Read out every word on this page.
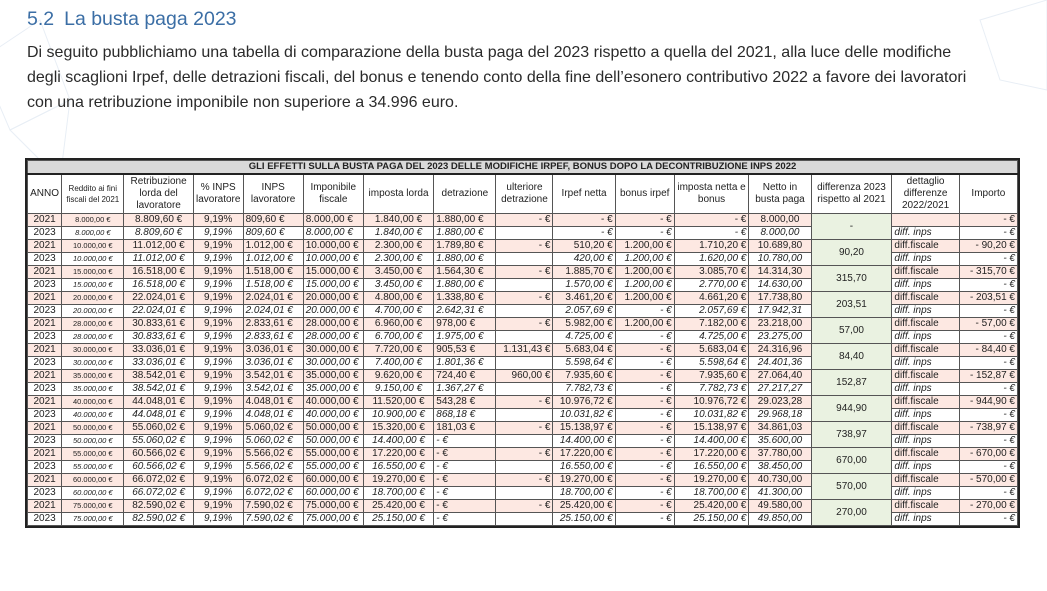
5.2 La busta paga 2023
Di seguito pubblichiamo una tabella di comparazione della busta paga del 2023 rispetto a quella del 2021, alla luce delle modifiche
degli scaglioni Irpef, delle detrazioni fiscali, del bonus e tenendo conto della fine dell’esonero contributivo 2022 a favore dei lavoratori
con una retribuzione imponibile non superiore a 34.996 euro.
GLI EFFETTI SULLA BUSTA PAGA DEL 2023 DELLE MODIFICHE IRPEF, BONUS DOPO LA DECONTRIBUZIONE INPS 2022															
ANNO	Reddito ai fini fiscali del 2021	Retribuzione lorda del lavoratore	% INPS lavoratore	INPS lavoratore	Imponibile fiscale	imposta lorda	detrazione	ulteriore detrazione	Irpef netta	bonus irpef	imposta netta e bonus	Netto in busta paga	differenza 2023 rispetto al 2021	dettaglio differenze 2022/2021	Importo
2021	8.000,00 €	8.809,60 €	9,19%	809,60 €	8.000,00 €	1.840,00 €	1.880,00 €	- €	- €	- €	- €	8.000,00	-		- €
2023	8.000,00 €	8.809,60 €	9,19%	809,60 €	8.000,00 €	1.840,00 €	1.880,00 €		- €	- €	- €	8.000,00		diff. inps	- €
2021	10.000,00 €	11.012,00 €	9,19%	1.012,00 €	10.000,00 €	2.300,00 €	1.789,80 €	- €	510,20 €	1.200,00 €	1.710,20 €	10.689,80	90,20	diff.fiscale	- 90,20 €
2023	10.000,00 €	11.012,00 €	9,19%	1.012,00 €	10.000,00 €	2.300,00 €	1.880,00 €		420,00 €	1.200,00 €	1.620,00 €	10.780,00		diff. inps	- €
2021	15.000,00 €	16.518,00 €	9,19%	1.518,00 €	15.000,00 €	3.450,00 €	1.564,30 €	- €	1.885,70 €	1.200,00 €	3.085,70 €	14.314,30	315,70	diff.fiscale	- 315,70 €
2023	15.000,00 €	16.518,00 €	9,19%	1.518,00 €	15.000,00 €	3.450,00 €	1.880,00 €		1.570,00 €	1.200,00 €	2.770,00 €	14.630,00		diff. inps	- €
2021	20.000,00 €	22.024,01 €	9,19%	2.024,01 €	20.000,00 €	4.800,00 €	1.338,80 €	- €	3.461,20 €	1.200,00 €	4.661,20 €	17.738,80	203,51	diff.fiscale	- 203,51 €
2023	20.000,00 €	22.024,01 €	9,19%	2.024,01 €	20.000,00 €	4.700,00 €	2.642,31 €		2.057,69 €	- €	2.057,69 €	17.942,31		diff. inps	- €
2021	28.000,00 €	30.833,61 €	9,19%	2.833,61 €	28.000,00 €	6.960,00 €	978,00 €	- €	5.982,00 €	1.200,00 €	7.182,00 €	23.218,00	57,00	diff.fiscale	- 57,00 €
2023	28.000,00 €	30.833,61 €	9,19%	2.833,61 €	28.000,00 €	6.700,00 €	1.975,00 €		4.725,00 €	- €	4.725,00 €	23.275,00		diff. inps	- €
2021	30.000,00 €	33.036,01 €	9,19%	3.036,01 €	30.000,00 €	7.720,00 €	905,53 €	1.131,43 €	5.683,04 €	- €	5.683,04 €	24.316,96	84,40	diff.fiscale	- 84,40 €
2023	30.000,00 €	33.036,01 €	9,19%	3.036,01 €	30.000,00 €	7.400,00 €	1.801,36 €		5.598,64 €	- €	5.598,64 €	24.401,36		diff. inps	- €
2021	35.000,00 €	38.542,01 €	9,19%	3.542,01 €	35.000,00 €	9.620,00 €	724,40 €	960,00 €	7.935,60 €	- €	7.935,60 €	27.064,40	152,87	diff.fiscale	- 152,87 €
2023	35.000,00 €	38.542,01 €	9,19%	3.542,01 €	35.000,00 €	9.150,00 €	1.367,27 €		7.782,73 €	- €	7.782,73 €	27.217,27		diff. inps	- €
2021	40.000,00 €	44.048,01 €	9,19%	4.048,01 €	40.000,00 €	11.520,00 €	543,28 €	- €	10.976,72 €	- €	10.976,72 €	29.023,28	944,90	diff.fiscale	- 944,90 €
2023	40.000,00 €	44.048,01 €	9,19%	4.048,01 €	40.000,00 €	10.900,00 €	868,18 €		10.031,82 €	- €	10.031,82 €	29.968,18		diff. inps	- €
2021	50.000,00 €	55.060,02 €	9,19%	5.060,02 €	50.000,00 €	15.320,00 €	181,03 €	- €	15.138,97 €	- €	15.138,97 €	34.861,03	738,97	diff.fiscale	- 738,97 €
2023	50.000,00 €	55.060,02 €	9,19%	5.060,02 €	50.000,00 €	14.400,00 €	- €		14.400,00 €	- €	14.400,00 €	35.600,00		diff. inps	- €
2021	55.000,00 €	60.566,02 €	9,19%	5.566,02 €	55.000,00 €	17.220,00 €	- €	- €	17.220,00 €	- €	17.220,00 €	37.780,00	670,00	diff.fiscale	- 670,00 €
2023	55.000,00 €	60.566,02 €	9,19%	5.566,02 €	55.000,00 €	16.550,00 €	- €		16.550,00 €	- €	16.550,00 €	38.450,00		diff. inps	- €
2021	60.000,00 €	66.072,02 €	9,19%	6.072,02 €	60.000,00 €	19.270,00 €	- €	- €	19.270,00 €	- €	19.270,00 €	40.730,00	570,00	diff.fiscale	- 570,00 €
2023	60.000,00 €	66.072,02 €	9,19%	6.072,02 €	60.000,00 €	18.700,00 €	- €		18.700,00 €	- €	18.700,00 €	41.300,00		diff. inps	- €
2021	75.000,00 €	82.590,02 €	9,19%	7.590,02 €	75.000,00 €	25.420,00 €	- €	- €	25.420,00 €	- €	25.420,00 €	49.580,00	270,00	diff.fiscale	- 270,00 €
2023	75.000,00 €	82.590,02 €	9,19%	7.590,02 €	75.000,00 €	25.150,00 €	- €		25.150,00 €	- €	25.150,00 €	49.850,00		diff. inps	- €
